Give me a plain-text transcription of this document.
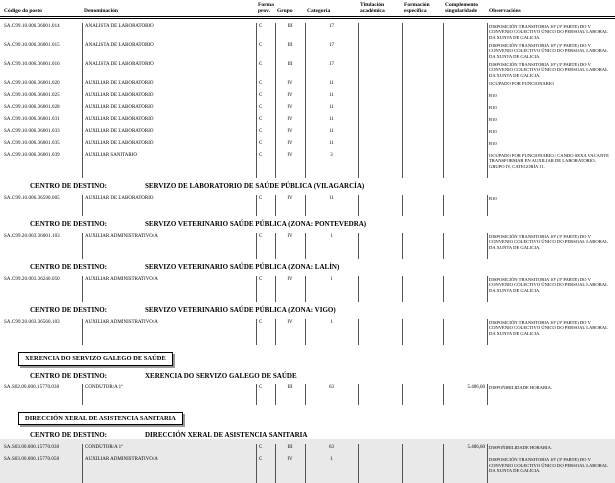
Código do posto	Denominación
Forma
prov.	Grupo	Categoría
Titulación
académica
Formación
específica
Complemento
singularidade	Observacións
SA.C99.10.006.36001.014	ANALISTA DE LABORATORIO	C	III	17	DISPOSICIÓN TRANSITORIA 10ª (3ª PARTE) DO V CONVENIO COLECTIVO ÚNICO DO PERSOAL LABORAL DA XUNTA DE GALICIA.
SA.C99.10.006.36001.015	ANALISTA DE LABORATORIO	C	III	17	DISPOSICIÓN TRANSITORIA 10ª (3ª PARTE) DO V CONVENIO COLECTIVO ÚNICO DO PERSOAL LABORAL DA XUNTA DE GALICIA.
SA.C99.10.006.36001.016	ANALISTA DE LABORATORIO	C	III	17	DISPOSICIÓN TRANSITORIA 10ª (3ª PARTE) DO V CONVENIO COLECTIVO ÚNICO DO PERSOAL LABORAL DA XUNTA DE GALICIA.
SA.C99.10.006.36001.020	AUXILIAR DE LABORATORIO	C	IV	11	OCUPADO POR FUNCIONARIO
SA.C99.10.006.36001.025	AUXILIAR DE LABORATORIO	C	IV	11	B10
SA.C99.10.006.36001.028	AUXILIAR DE LABORATORIO	C	IV	11	B10
SA.C99.10.006.36001.031	AUXILIAR DE LABORATORIO	C	IV	11	B10
SA.C99.10.006.36001.033	AUXILIAR DE LABORATORIO	C	IV	11	B10
SA.C99.10.006.36001.035	AUXILIAR DE LABORATORIO	C	IV	11	B10
SA.C99.10.006.36001.039	AUXILIAR SANITARIO	C	IV	3	OCUPADO POR FUNCIONARIO./ CANDO SEXA VACANTE TRANSFORMAR EN AUXILIAR DE LABORATORIO, GRUPO IV, CATEGORÍA 11.
CENTRO DE DESTINO:	SERVIZO DE LABORATORIO DE SAÚDE PÚBLICA (VILAGARCÍA)
SA.C99.10.006.36590.005	AUXILIAR DE LABORATORIO	C	IV	11	B10
CENTRO DE DESTINO:	SERVIZO VETERINARIO SAÚDE PÚBLICA (ZONA: PONTEVEDRA)
SA.C99.20.003.36001.103	AUXILIAR ADMINISTRATIVO/A	C	IV	1	DISPOSICIÓN TRANSITORIA 10ª (3ª PARTE) DO V CONVENIO COLECTIVO ÚNICO DO PERSOAL LABORAL DA XUNTA DE GALICIA.
CENTRO DE DESTINO:	SERVIZO VETERINARIO SAÚDE PÚBLICA (ZONA: LALÍN)
SA.C99.20.003.36240.050	AUXILIAR ADMINISTRATIVO/A	C	IV	1	DISPOSICIÓN TRANSITORIA 10ª (3ª PARTE) DO V CONVENIO COLECTIVO ÚNICO DO PERSOAL LABORAL DA XUNTA DE GALICIA.
CENTRO DE DESTINO:	SERVIZO VETERINARIO SAÚDE PÚBLICA (ZONA: VIGO)
SA.C99.20.003.36560.103	AUXILIAR ADMINISTRATIVO/A	C	IV	1	DISPOSICIÓN TRANSITORIA 10ª (3ª PARTE) DO V CONVENIO COLECTIVO ÚNICO DO PERSOAL LABORAL DA XUNTA DE GALICIA.
XERENCIA DO SERVIZO GALEGO DE SAÚDE

CENTRO DE DESTINO:	XERENCIA DO SERVIZO GALEGO DE SAÚDE
SA.S02.00.000.15770.030	CONDUTOR/A 1ª	C	III	63	5.406,60 DISPOÑIBILIDADE HORARIA.
DIRECCIÓN XERAL DE ASISTENCIA SANITARIA

CENTRO DE DESTINO:	DIRECCIÓN XERAL DE ASISTENCIA SANITARIA
SA.S03.00.000.15770.030	CONDUTOR/A 1ª	C	III	63	5.406,60 DISPOÑIBILIDADE HORARIA.
SA.S03.00.000.15770.050	AUXILIAR ADMINISTRATIVO/A	C	IV	1	DISPOSICIÓN TRANSITORIA 10ª (3ª PARTE) DO V CONVENIO COLECTIVO ÚNICO DO PERSOAL LABORAL DA XUNTA DE GALICIA.
